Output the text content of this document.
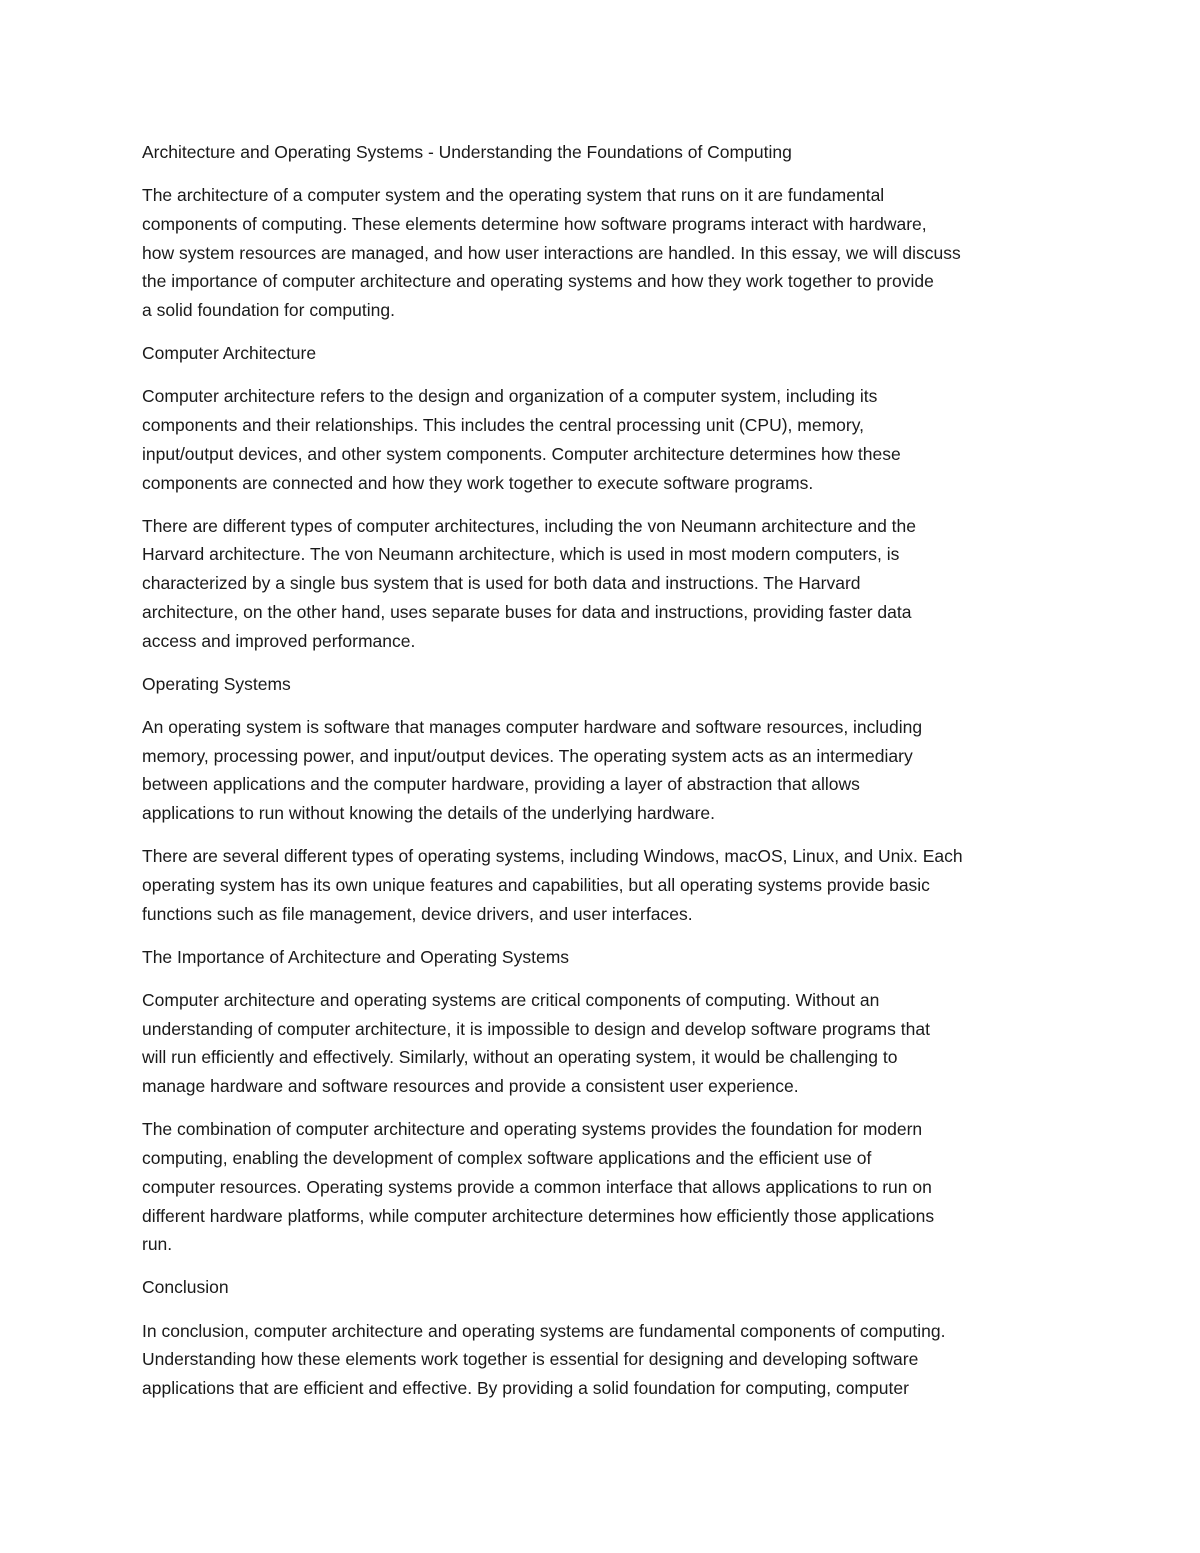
Architecture and Operating Systems - Understanding the Foundations of Computing

The architecture of a computer system and the operating system that runs on it are fundamental
components of computing. These elements determine how software programs interact with hardware,
how system resources are managed, and how user interactions are handled. In this essay, we will discuss
the importance of computer architecture and operating systems and how they work together to provide
a solid foundation for computing.

Computer Architecture

Computer architecture refers to the design and organization of a computer system, including its
components and their relationships. This includes the central processing unit (CPU), memory,
input/output devices, and other system components. Computer architecture determines how these
components are connected and how they work together to execute software programs.

There are different types of computer architectures, including the von Neumann architecture and the
Harvard architecture. The von Neumann architecture, which is used in most modern computers, is
characterized by a single bus system that is used for both data and instructions. The Harvard
architecture, on the other hand, uses separate buses for data and instructions, providing faster data
access and improved performance.

Operating Systems

An operating system is software that manages computer hardware and software resources, including
memory, processing power, and input/output devices. The operating system acts as an intermediary
between applications and the computer hardware, providing a layer of abstraction that allows
applications to run without knowing the details of the underlying hardware.

There are several different types of operating systems, including Windows, macOS, Linux, and Unix. Each
operating system has its own unique features and capabilities, but all operating systems provide basic
functions such as file management, device drivers, and user interfaces.

The Importance of Architecture and Operating Systems

Computer architecture and operating systems are critical components of computing. Without an
understanding of computer architecture, it is impossible to design and develop software programs that
will run efficiently and effectively. Similarly, without an operating system, it would be challenging to
manage hardware and software resources and provide a consistent user experience.

The combination of computer architecture and operating systems provides the foundation for modern
computing, enabling the development of complex software applications and the efficient use of
computer resources. Operating systems provide a common interface that allows applications to run on
different hardware platforms, while computer architecture determines how efficiently those applications
run.

Conclusion

In conclusion, computer architecture and operating systems are fundamental components of computing.
Understanding how these elements work together is essential for designing and developing software
applications that are efficient and effective. By providing a solid foundation for computing, computer
